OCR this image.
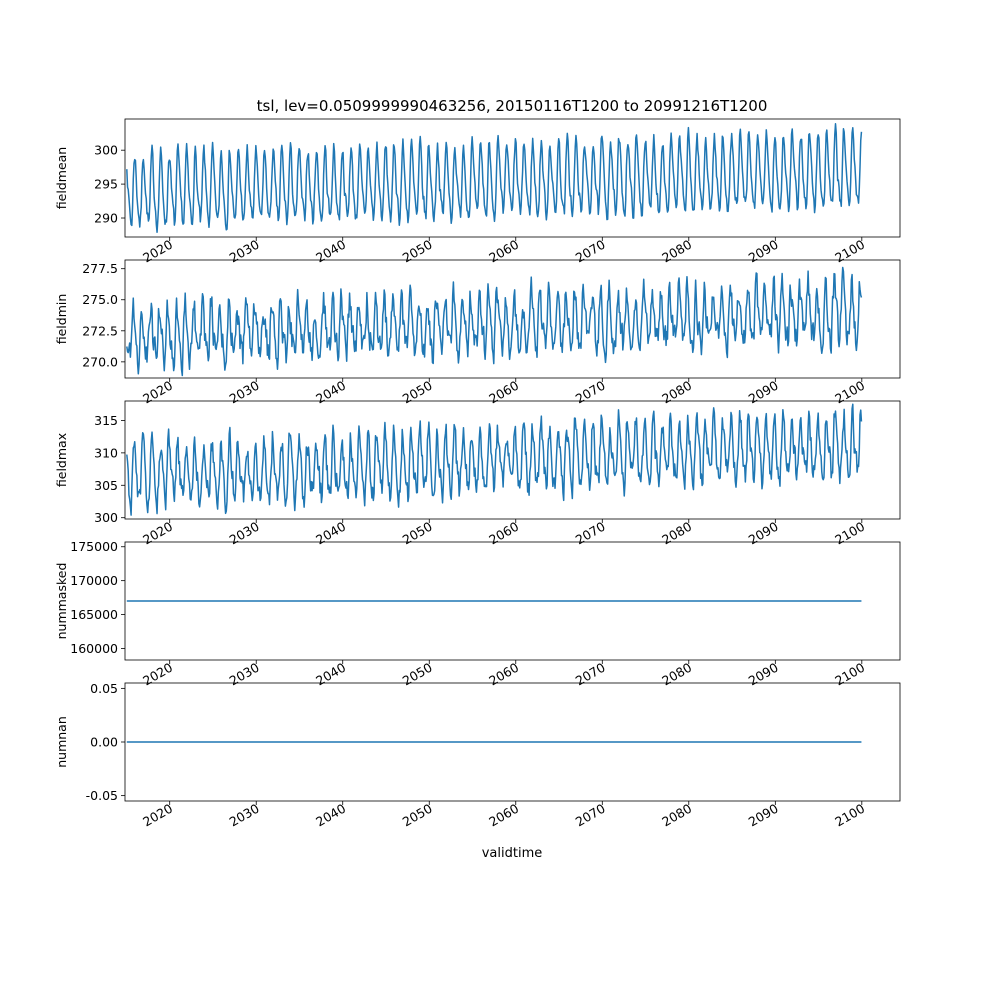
tsl, lev=0.0509999990463256, 20150116T1200 to 20991216T1200
validtime
290
295
300
fieldmean
2020	2030	2040	2050	2060	2070	2080	2090	2100
270.0
272.5
275.0
277.5
fieldmin
2020	2030	2040	2050	2060	2070	2080	2090	2100
300
305
310
315
fieldmax
2020	2030	2040	2050	2060	2070	2080	2090	2100
160000
165000
170000
175000
nummasked
2020	2030	2040	2050	2060	2070	2080	2090	2100
-0.05
0.00
0.05
numnan
2020	2030	2040	2050	2060	2070	2080	2090	2100
